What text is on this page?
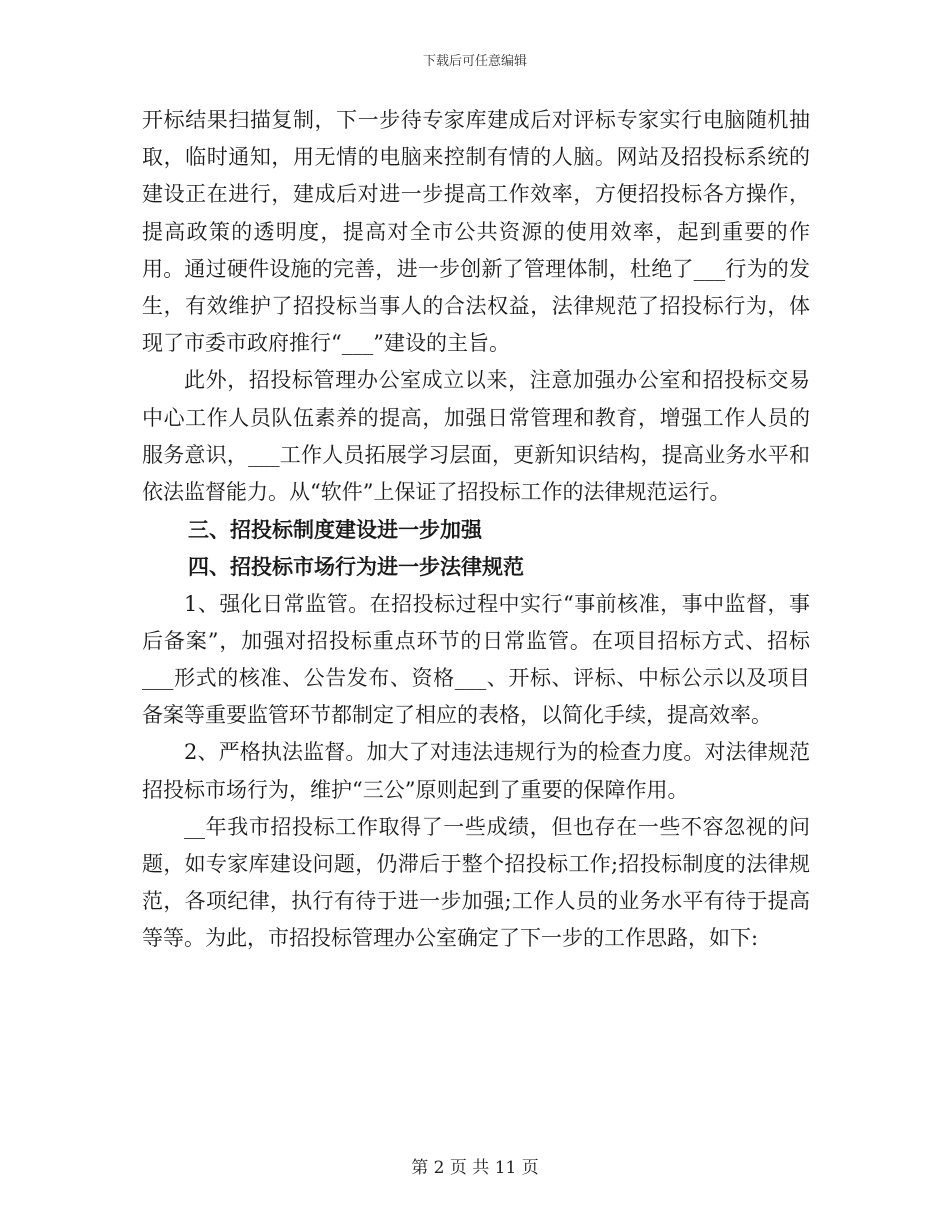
下载后可任意编辑

开标结果扫描复制，下一步待专家库建成后对评标专家实行电脑随机抽取，临时通知，用无情的电脑来控制有情的人脑。网站及招投标系统的建设正在进行，建成后对进一步提高工作效率，方便招投标各方操作，提高政策的透明度，提高对全市公共资源的使用效率，起到重要的作用。通过硬件设施的完善，进一步创新了管理体制，杜绝了___行为的发生，有效维护了招投标当事人的合法权益，法律规范了招投标行为，体现了市委市政府推行“___”建设的主旨。

此外，招投标管理办公室成立以来，注意加强办公室和招投标交易中心工作人员队伍素养的提高，加强日常管理和教育，增强工作人员的服务意识，___工作人员拓展学习层面，更新知识结构，提高业务水平和依法监督能力。从“软件”上保证了招投标工作的法律规范运行。

三、招投标制度建设进一步加强

四、招投标市场行为进一步法律规范

1、强化日常监管。在招投标过程中实行“事前核准，事中监督，事后备案”，加强对招投标重点环节的日常监管。在项目招标方式、招标___形式的核准、公告发布、资格___、开标、评标、中标公示以及项目备案等重要监管环节都制定了相应的表格，以简化手续，提高效率。

2、严格执法监督。加大了对违法违规行为的检查力度。对法律规范招投标市场行为，维护“三公”原则起到了重要的保障作用。

__年我市招投标工作取得了一些成绩，但也存在一些不容忽视的问题，如专家库建设问题，仍滞后于整个招投标工作;招投标制度的法律规范，各项纪律，执行有待于进一步加强;工作人员的业务水平有待于提高等等。为此，市招投标管理办公室确定了下一步的工作思路，如下:

第 2 页 共 11 页
